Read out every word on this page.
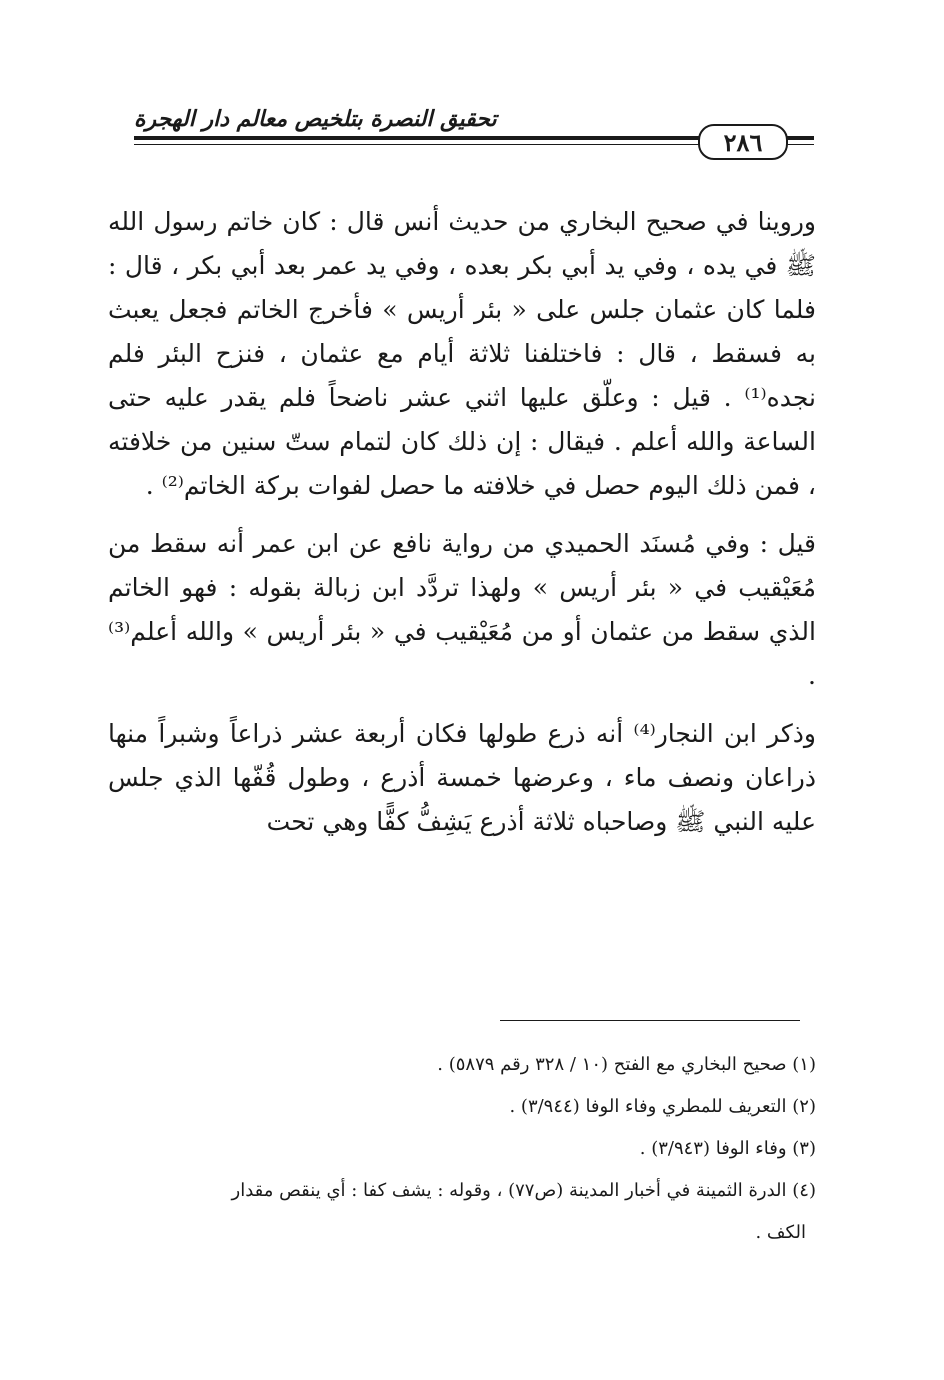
تحقيق النصرة بتلخيص معالم دار الهجرة
٢٨٦

وروينا في صحيح البخاري من حديث أنس قال : كان خاتم رسول الله ﷺ في يده ، وفي يد أبي بكر بعده ، وفي يد عمر بعد أبي بكر ، قال : فلما كان عثمان جلس على « بئر أريس » فأخرج الخاتم فجعل يعبث به فسقط ، قال : فاختلفنا ثلاثة أيام مع عثمان ، فنزح البئر فلم نجده⁽¹⁾ . قيل : وعلّق عليها اثني عشر ناضحاً فلم يقدر عليه حتى الساعة والله أعلم . فيقال : إن ذلك كان لتمام ستّ سنين من خلافته ، فمن ذلك اليوم حصل في خلافته ما حصل لفوات بركة الخاتم⁽²⁾ .

قيل : وفي مُسنَد الحميدي من رواية نافع عن ابن عمر أنه سقط من مُعَيْقيب في « بئر أريس » ولهذا تردَّد ابن زبالة بقوله : فهو الخاتم الذي سقط من عثمان أو من مُعَيْقيب في « بئر أريس » والله أعلم⁽³⁾ .

وذكر ابن النجار⁽⁴⁾ أنه ذرع طولها فكان أربعة عشر ذراعاً وشبراً منها ذراعان ونصف ماء ، وعرضها خمسة أذرع ، وطول قُفّها الذي جلس عليه النبي ﷺ وصاحباه ثلاثة أذرع يَشِفُّ كفًّا وهي تحت

(١) صحيح البخاري مع الفتح (١٠ / ٣٢٨ رقم ٥٨٧٩) .

(٢) التعريف للمطري وفاء الوفا (٣/٩٤٤) .

(٣) وفاء الوفا (٣/٩٤٣) .

(٤) الدرة الثمينة في أخبار المدينة (ص٧٧) ، وقوله : يشف كفا : أي ينقص مقدار

الكف .
